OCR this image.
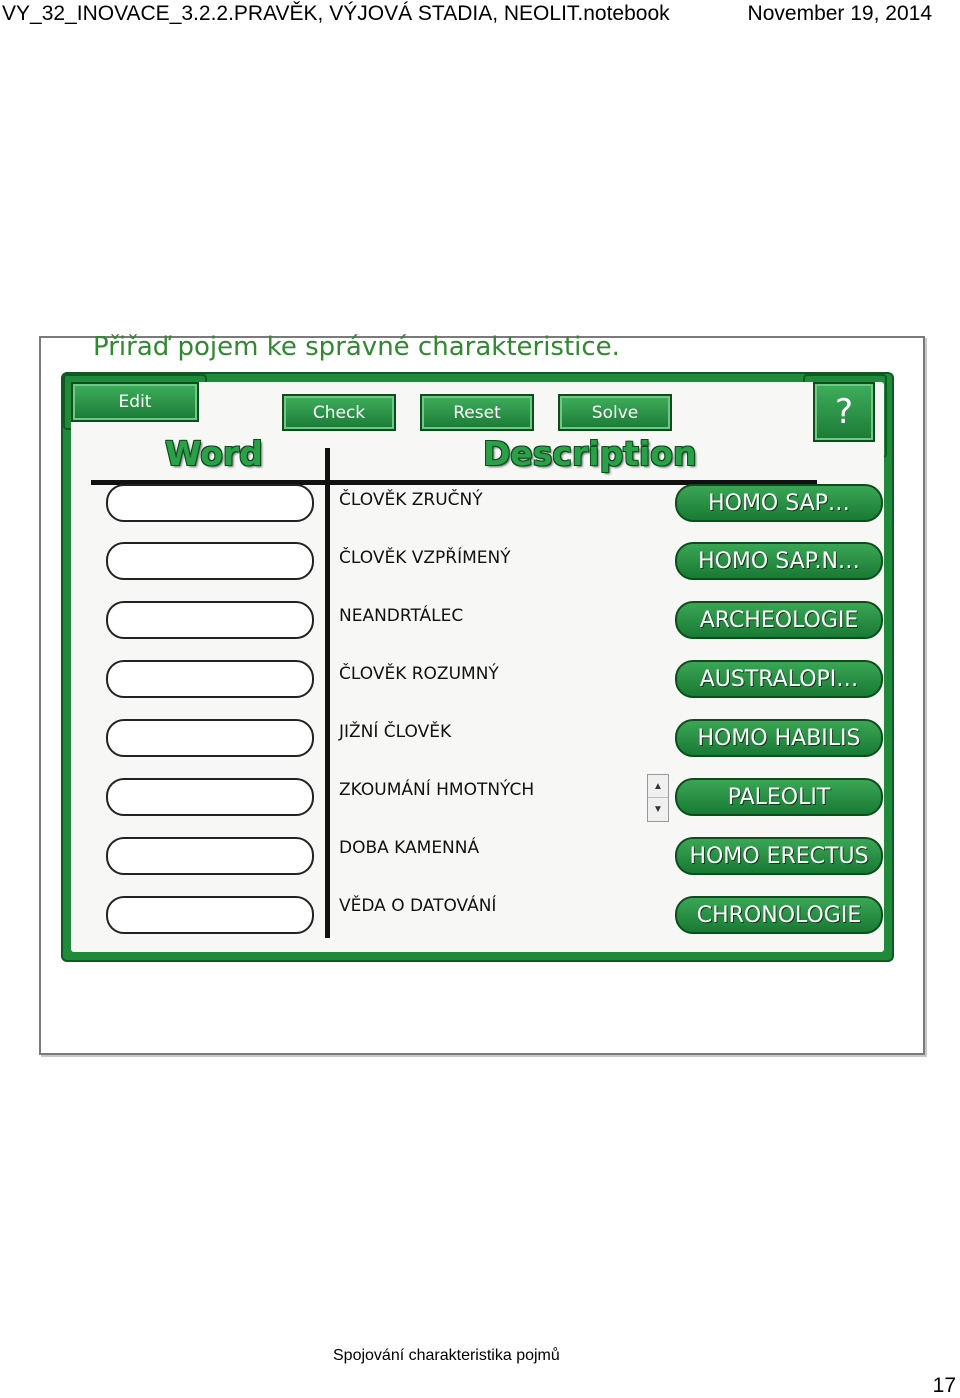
VY_32_INOVACE_3.2.2.PRAVĚK, VÝJOVÁ STADIA, NEOLIT.notebook	November 19, 2014
Přiřaď pojem ke správné charakteristice.
Check	Reset	Solve
Word	Description
ČLOVĚK ZRUČNÝ	HOMO SAP…
ČLOVĚK VZPŘÍMENÝ	HOMO SAP.N…
NEANDRTÁLEC	ARCHEOLOGIE
ČLOVĚK ROZUMNÝ	AUSTRALOPI…
JIŽNÍ ČLOVĚK	HOMO HABILIS
ZKOUMÁNÍ HMOTNÝCH	PALEOLIT
DOBA KAMENNÁ	HOMO ERECTUS
VĚDA O DATOVÁNÍ	CHRONOLOGIE
▲
▼
Edit	?
Spojování charakteristika pojmů
17
